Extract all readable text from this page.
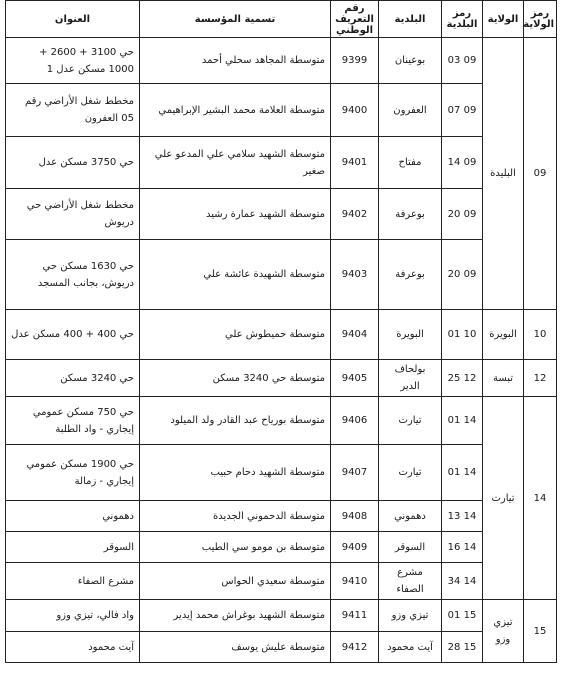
رمز الولاية	الولاية	رمز البلدية	البلدية	رقم التعريف الوطني	تسمية المؤسسة	العنوان
09	البليدة	09 03	بوعينان	9399	متوسطة المجاهد سحلي أحمد	حي 3100 + 2600 + 1000 مسكن عدل 1
		09 07	العفرون	9400	متوسطة العلامة محمد البشير الإبراهيمي	مخطط شغل الأراضي رقم 05 العفرون
		09 14	مفتاح	9401	متوسطة الشهيد سلامي علي المدعو علي صغير	حي 3750 مسكن عدل
		09 20	بوعرفة	9402	متوسطة الشهيد عمارة رشيد	مخطط شغل الأراضي حي دريوش
		09 20	بوعرفة	9403	متوسطة الشهيدة عائشة علي	حي 1630 مسكن حي دريوش، بجانب المسجد
10	البويرة	10 01	البويرة	9404	متوسطة حميطوش علي	حي 400 + 400 مسكن عدل
12	تبسة	12 25	بولحاف الدير	9405	متوسطة حي 3240 مسكن	حي 3240 مسكن
14	تيارت	14 01	تيارت	9406	متوسطة بورياح عبد القادر ولد الميلود	حي 750 مسكن عمومي إيجاري - واد الطلبة
		14 01	تيارت	9407	متوسطة الشهيد دحام حبيب	حي 1900 مسكن عمومي إيجاري - زمالة
		14 13	دهموني	9408	متوسطة الدحموني الجديدة	دهموني
		14 16	السوقر	9409	متوسطة بن مومو سي الطيب	السوقر
		14 34	مشرع الصفاء	9410	متوسطة سعيدي الحواس	مشرع الصفاء
15	تيزي وزو	15 01	تيزي وزو	9411	متوسطة الشهيد بوغراش محمد إيدير	واد فالي، تيزي وزو
		15 28	آيت محمود	9412	متوسطة عليش يوسف	آيت محمود
